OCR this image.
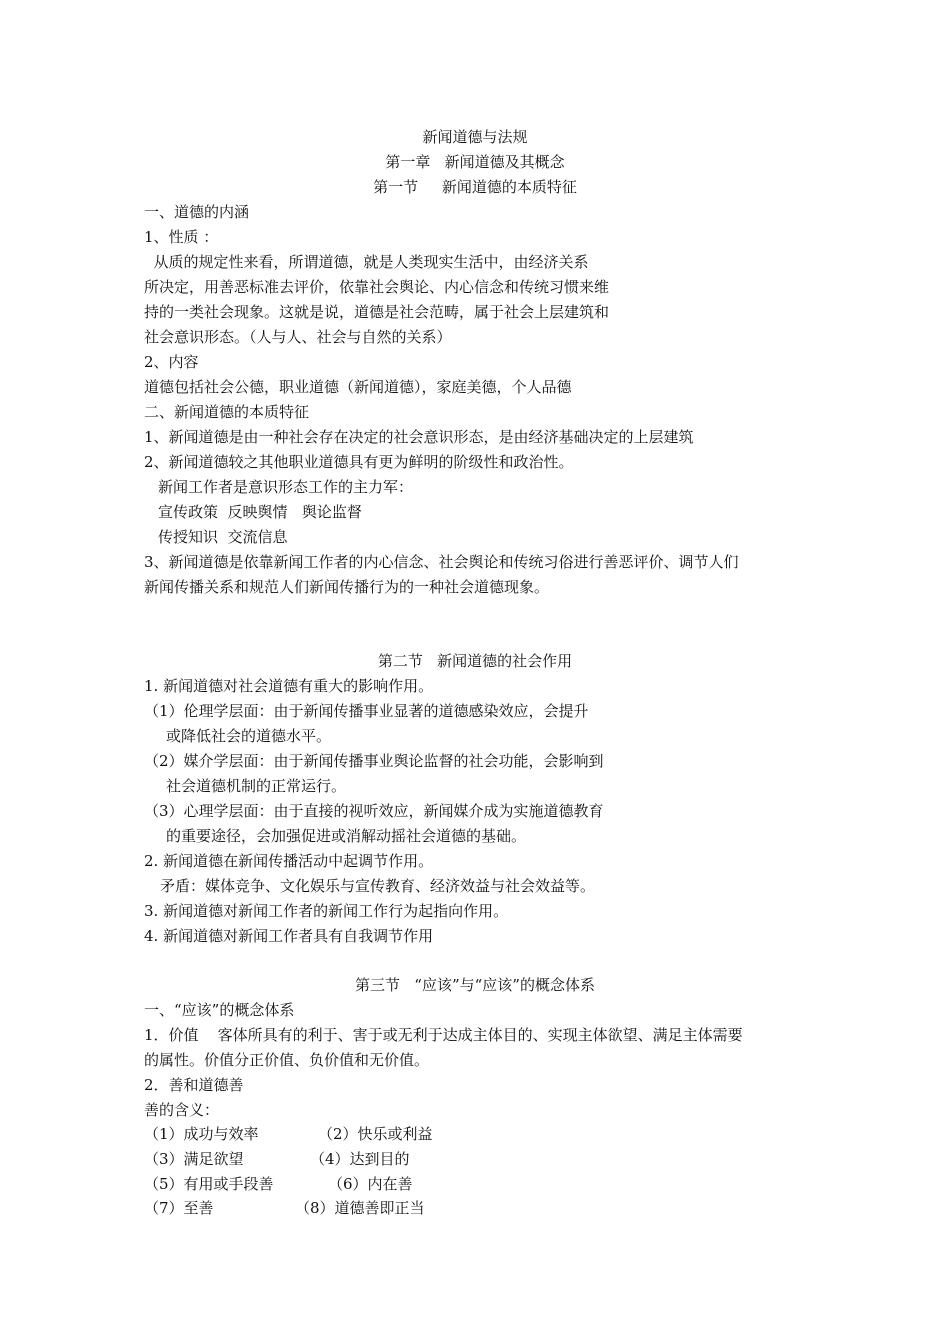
新闻道德与法规
第一章   新闻道德及其概念
第一节     新闻道德的本质特征
一、道德的内涵
1、性质 ：
从质的规定性来看，所谓道德，就是人类现实生活中，由经济关系
所决定，用善恶标准去评价，依靠社会舆论、内心信念和传统习惯来维
持的一类社会现象。这就是说，道德是社会范畴，属于社会上层建筑和
社会意识形态。（人与人、社会与自然的关系）
2、内容
道德包括社会公德，职业道德（新闻道德），家庭美德，个人品德
二、新闻道德的本质特征
1、新闻道德是由一种社会存在决定的社会意识形态，是由经济基础决定的上层建筑
2、新闻道德较之其他职业道德具有更为鲜明的阶级性和政治性。
新闻工作者是意识形态工作的主力军：
宣传政策  反映舆情   舆论监督
传授知识  交流信息
3、新闻道德是依靠新闻工作者的内心信念、社会舆论和传统习俗进行善恶评价、调节人们
新闻传播关系和规范人们新闻传播行为的一种社会道德现象。
第二节   新闻道德的社会作用
1. 新闻道德对社会道德有重大的影响作用。
（1）伦理学层面：由于新闻传播事业显著的道德感染效应，会提升
或降低社会的道德水平。
（2）媒介学层面：由于新闻传播事业舆论监督的社会功能，会影响到
社会道德机制的正常运行。
（3）心理学层面：由于直接的视听效应，新闻媒介成为实施道德教育
的重要途径，会加强促进或消解动摇社会道德的基础。
2. 新闻道德在新闻传播活动中起调节作用。
矛盾：媒体竞争、文化娱乐与宣传教育、经济效益与社会效益等。
3. 新闻道德对新闻工作者的新闻工作行为起指向作用。
4. 新闻道德对新闻工作者具有自我调节作用
第三节   “应该”与“应该”的概念体系
一、“应该”的概念体系
1．价值    客体所具有的利于、害于或无利于达成主体目的、实现主体欲望、满足主体需要
的属性。价值分正价值、负价值和无价值。
2．善和道德善
善的含义：
（1）成功与效率	（2）快乐或利益
（3）满足欲望	（4）达到目的
（5）有用或手段善	（6）内在善
（7）至善	（8）道德善即正当
